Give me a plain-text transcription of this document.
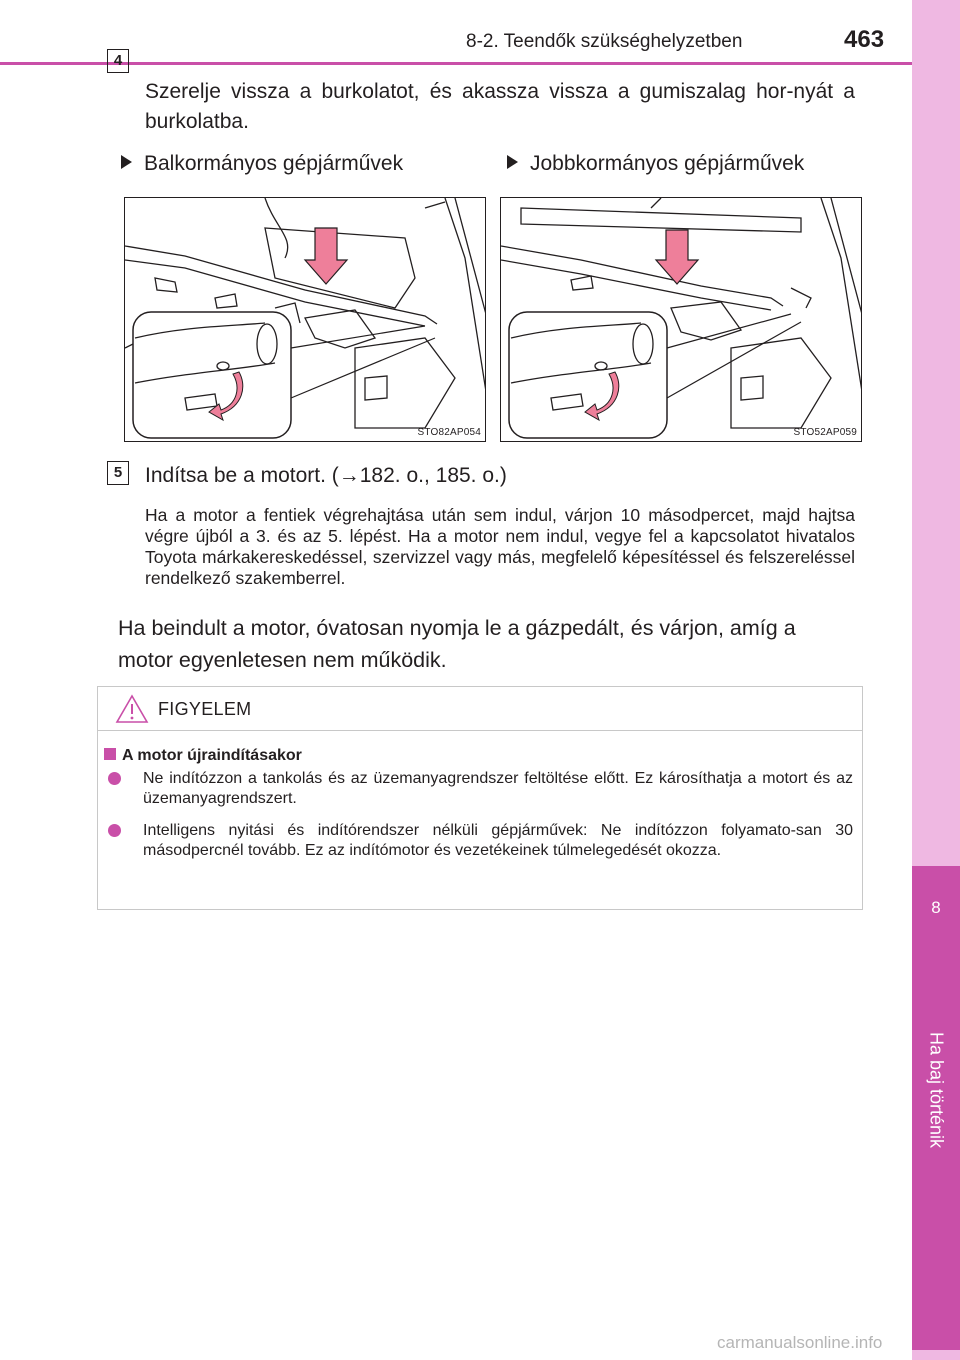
8-2. Teendők szükséghelyzetben	463
8
Ha baj történik
4
Szerelje vissza a burkolatot, és akassza vissza a gumiszalag hor-nyát a burkolatba.
Balkormányos gépjárművek	Jobbkormányos gépjárművek
STO82AP054	STO52AP059
5	Indítsa be a motort. (→182. o., 185. o.)
Ha a motor a fentiek végrehajtása után sem indul, várjon 10 másodpercet, majd hajtsa végre újból a 3. és az 5. lépést. Ha a motor nem indul, vegye fel a kapcsolatot hivatalos Toyota márkakereskedéssel, szervizzel vagy más, megfelelő képesítéssel és felszereléssel rendelkező szakemberrel.
Ha beindult a motor, óvatosan nyomja le a gázpedált, és várjon, amíg a motor egyenletesen nem működik.
FIGYELEM
A motor újraindításakor
Ne indítózzon a tankolás és az üzemanyagrendszer feltöltése előtt. Ez károsíthatja a motort és az üzemanyagrendszert.
Intelligens nyitási és indítórendszer nélküli gépjárművek: Ne indítózzon folyamato-san 30 másodpercnél tovább. Ez az indítómotor és vezetékeinek túlmelegedését okozza.
carmanualsonline.info
